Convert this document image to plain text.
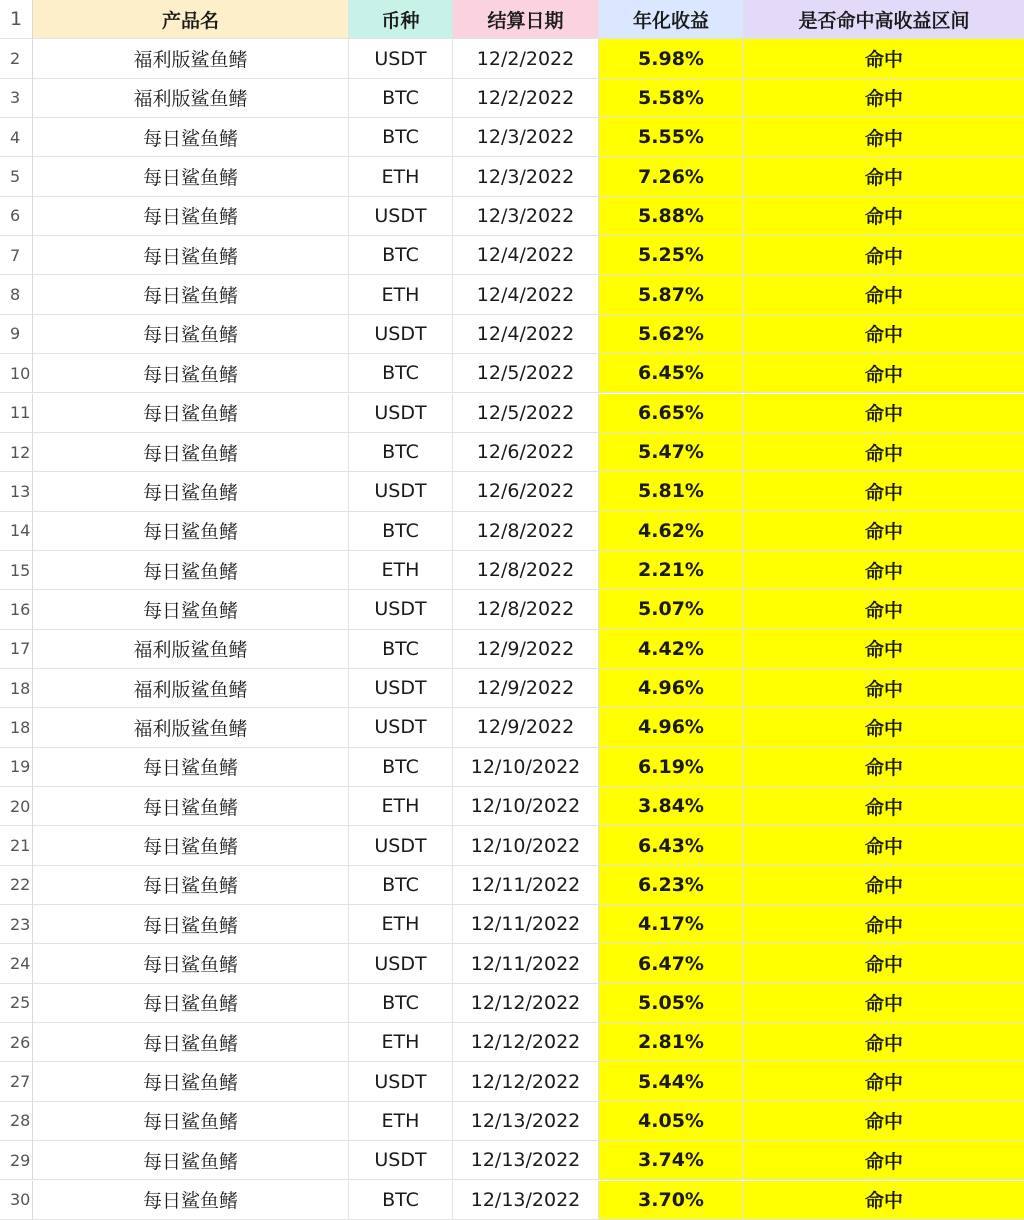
1	产品名	币种	结算日期	年化收益	是否命中高收益区间
2	福利版鲨鱼鳍	USDT	12/2/2022	5.98%	命中
3	福利版鲨鱼鳍	BTC	12/2/2022	5.58%	命中
4	每日鲨鱼鳍	BTC	12/3/2022	5.55%	命中
5	每日鲨鱼鳍	ETH	12/3/2022	7.26%	命中
6	每日鲨鱼鳍	USDT	12/3/2022	5.88%	命中
7	每日鲨鱼鳍	BTC	12/4/2022	5.25%	命中
8	每日鲨鱼鳍	ETH	12/4/2022	5.87%	命中
9	每日鲨鱼鳍	USDT	12/4/2022	5.62%	命中
10	每日鲨鱼鳍	BTC	12/5/2022	6.45%	命中
11	每日鲨鱼鳍	USDT	12/5/2022	6.65%	命中
12	每日鲨鱼鳍	BTC	12/6/2022	5.47%	命中
13	每日鲨鱼鳍	USDT	12/6/2022	5.81%	命中
14	每日鲨鱼鳍	BTC	12/8/2022	4.62%	命中
15	每日鲨鱼鳍	ETH	12/8/2022	2.21%	命中
16	每日鲨鱼鳍	USDT	12/8/2022	5.07%	命中
17	福利版鲨鱼鳍	BTC	12/9/2022	4.42%	命中
18	福利版鲨鱼鳍	USDT	12/9/2022	4.96%	命中
18	福利版鲨鱼鳍	USDT	12/9/2022	4.96%	命中
19	每日鲨鱼鳍	BTC	12/10/2022	6.19%	命中
20	每日鲨鱼鳍	ETH	12/10/2022	3.84%	命中
21	每日鲨鱼鳍	USDT	12/10/2022	6.43%	命中
22	每日鲨鱼鳍	BTC	12/11/2022	6.23%	命中
23	每日鲨鱼鳍	ETH	12/11/2022	4.17%	命中
24	每日鲨鱼鳍	USDT	12/11/2022	6.47%	命中
25	每日鲨鱼鳍	BTC	12/12/2022	5.05%	命中
26	每日鲨鱼鳍	ETH	12/12/2022	2.81%	命中
27	每日鲨鱼鳍	USDT	12/12/2022	5.44%	命中
28	每日鲨鱼鳍	ETH	12/13/2022	4.05%	命中
29	每日鲨鱼鳍	USDT	12/13/2022	3.74%	命中
30	每日鲨鱼鳍	BTC	12/13/2022	3.70%	命中
